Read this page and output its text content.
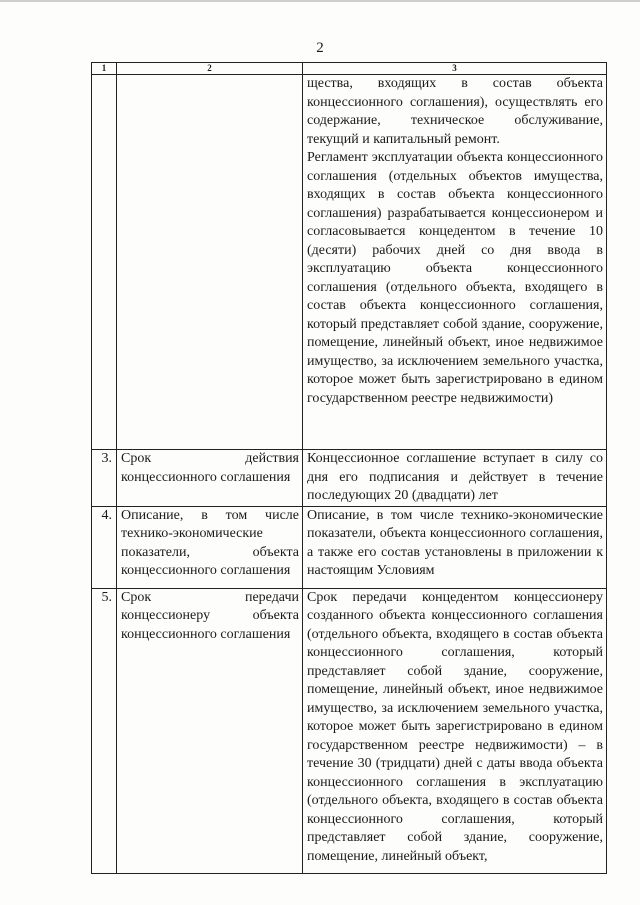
2
1	2	3

		щества, входящих в состав объекта концессионного соглашения), осуществлять его содержание, техническое обслуживание, текущий и капитальный ремонт.

Регламент эксплуатации объекта концессионного соглашения (отдельных объектов имущества, входящих в состав объекта концессионного соглашения) разрабатывается концессионером и согласовывается концедентом в течение 10 (десяти) рабочих дней со дня ввода в эксплуатацию объекта концессионного соглашения (отдельного объекта, входящего в состав объекта концессионного соглашения, который представляет собой здание, сооружение, помещение, линейный объект, иное недвижимое имущество, за исключением земельного участка, которое может быть зарегистрировано в едином государственном реестре недвижимости)

3.	Срок действия концессионного соглашения	Концессионное соглашение вступает в силу со дня его подписания и действует в течение последующих 20 (двадцати) лет

4.	Описание, в том числе технико-экономические показатели, объекта концессионного соглашения	Описание, в том числе технико-экономические показатели, объекта концессионного соглашения, а также его состав установлены в приложении к настоящим Условиям

5.	Срок передачи концессионеру объекта концессионного соглашения	Срок передачи концедентом концессионеру созданного объекта концессионного соглашения (отдельного объекта, входящего в состав объекта концессионного соглашения, который представляет собой здание, сооружение, помещение, линейный объект, иное недвижимое имущество, за исключением земельного участка, которое может быть зарегистрировано в едином государственном реестре недвижимости) – в течение 30 (тридцати) дней с даты ввода объекта концессионного соглашения в эксплуатацию (отдельного объекта, входящего в состав объекта концессионного соглашения, который представляет собой здание, сооружение, помещение, линейный объект,
